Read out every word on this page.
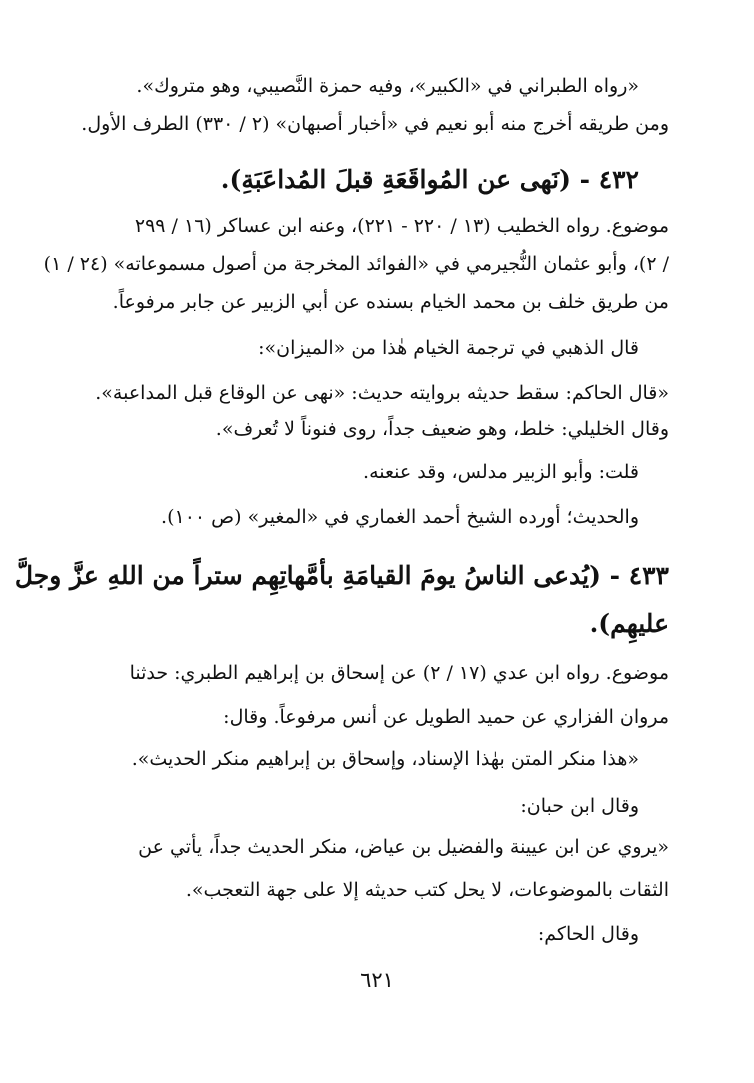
«رواه الطبراني في «الكبير»، وفيه حمزة النَّصيبي، وهو متروك».
ومن طريقه أخرج منه أبو نعيم في «أخبار أصبهان» (٢ / ٣٣٠) الطرف الأول.
٤٣٢ - (نَهى عن المُواقَعَةِ قبلَ المُداعَبَةِ).
موضوع. رواه الخطيب (١٣ / ٢٢٠ - ٢٢١)، وعنه ابن عساكر (١٦ / ٢٩٩
/ ٢)، وأبو عثمان النُّجيرمي في «الفوائد المخرجة من أصول مسموعاته» (٢٤ / ١)
من طريق خلف بن محمد الخيام بسنده عن أبي الزبير عن جابر مرفوعاً.
قال الذهبي في ترجمة الخيام هٰذا من «الميزان»:
«قال الحاكم: سقط حديثه بروايته حديث: «نهى عن الوقاع قبل المداعبة».
وقال الخليلي: خلط، وهو ضعيف جداً، روى فنوناً لا تُعرف».
قلت: وأبو الزبير مدلس، وقد عنعنه.
والحديث؛ أورده الشيخ أحمد الغماري في «المغير» (ص ١٠٠).
٤٣٣ - (يُدعى الناسُ يومَ القيامَةِ بأمَّهاتِهِم ستراً من اللهِ عزَّ وجلَّ
عليهِم).
موضوع. رواه ابن عدي (١٧ / ٢) عن إسحاق بن إبراهيم الطبري: حدثنا
مروان الفزاري عن حميد الطويل عن أنس مرفوعاً. وقال:
«هذا منكر المتن بهٰذا الإسناد، وإسحاق بن إبراهيم منكر الحديث».
وقال ابن حبان:
«يروي عن ابن عيينة والفضيل بن عياض، منكر الحديث جداً، يأتي عن
الثقات بالموضوعات، لا يحل كتب حديثه إلا على جهة التعجب».
وقال الحاكم:
٦٢١
